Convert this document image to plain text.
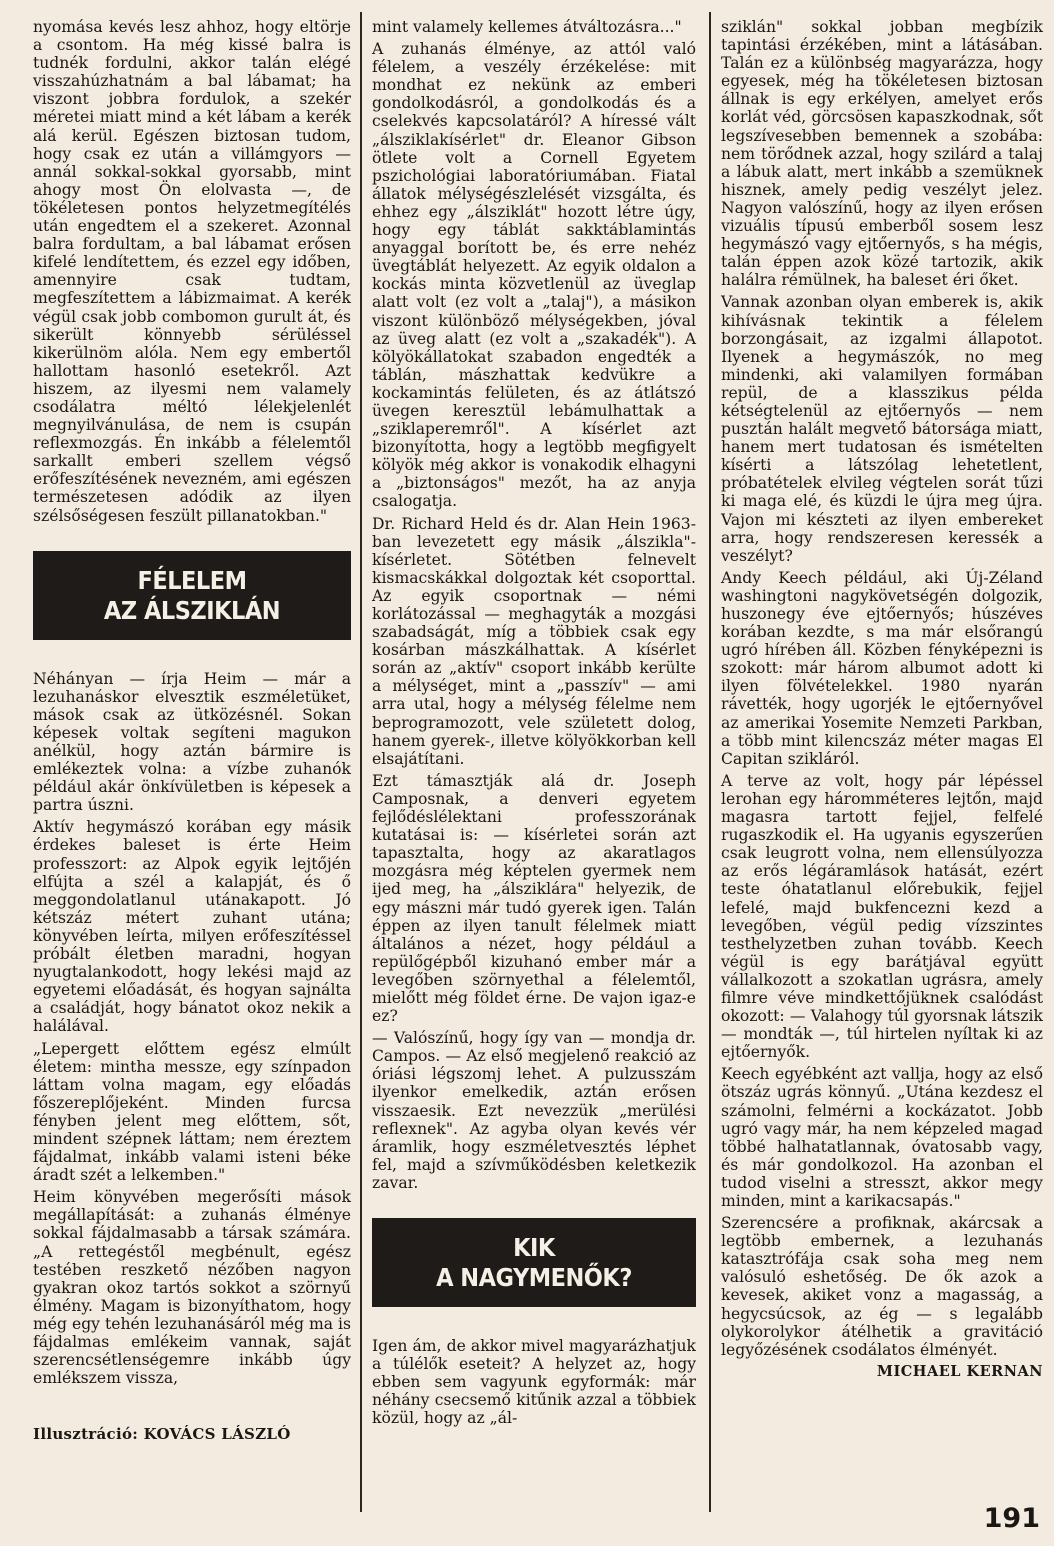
nyomása kevés lesz ahhoz, hogy eltörje a csontom. Ha még kissé balra is tudnék fordulni, akkor talán elégé visszahúzhatnám a bal lábamat; ha viszont jobbra fordulok, a szekér méretei miatt mind a két lábam a kerék alá kerül. Egészen biztosan tudom, hogy csak ez után a villámgyors — annál sokkal-sokkal gyorsabb, mint ahogy most Ön elolvasta —, de tökéletesen pontos helyzetmegítélés után engedtem el a szekeret. Azonnal balra fordultam, a bal lábamat erősen kifelé lendítettem, és ezzel egy időben, amennyire csak tudtam, megfeszítettem a lábizmaimat. A kerék végül csak jobb combomon gurult át, és sikerült könnyebb sérüléssel kikerülnöm alóla. Nem egy embertől hallottam hasonló esetekről. Azt hiszem, az ilyesmi nem valamely csodálatra méltó lélekjelenlét megnyilvánulása, de nem is csupán reflexmozgás. Én inkább a félelemtől sarkallt emberi szellem végső erőfeszítésének nevezném, ami egészen természetesen adódik az ilyen szélsőségesen feszült pillanatokban."

FÉLELEM
AZ ÁLSZIKLÁN

Néhányan — írja Heim — már a lezuhanáskor elvesztik eszméletüket, mások csak az ütközésnél. Sokan képesek voltak segíteni magukon anélkül, hogy aztán bármire is emlékeztek volna: a vízbe zuhanók például akár önkívületben is képesek a partra úszni.

Aktív hegymászó korában egy másik érdekes baleset is érte Heim professzort: az Alpok egyik lejtőjén elfújta a szél a kalapját, és ő meggondolatlanul utánakapott. Jó kétszáz métert zuhant utána; könyvében leírta, milyen erőfeszítéssel próbált életben maradni, hogyan nyugtalankodott, hogy lekési majd az egyetemi előadását, és hogyan sajnálta a családját, hogy bánatot okoz nekik a halálával.

„Lepergett előttem egész elmúlt életem: mintha messze, egy színpadon láttam volna magam, egy előadás főszereplőjeként. Minden furcsa fényben jelent meg előttem, sőt, mindent szépnek láttam; nem éreztem fájdalmat, inkább valami isteni béke áradt szét a lelkemben."

Heim könyvében megerősíti mások megállapítását: a zuhanás élménye sokkal fájdalmasabb a társak számára. „A rettegéstől megbénult, egész testében reszkető nézőben nagyon gyakran okoz tartós sokkot a szörnyű élmény. Magam is bizonyíthatom, hogy még egy tehén lezuhanásáról még ma is fájdalmas emlékeim vannak, saját szerencsétlenségemre inkább úgy emlékszem vissza,

Illusztráció: KOVÁCS LÁSZLÓ

mint valamely kellemes átváltozásra..."

A zuhanás élménye, az attól való félelem, a veszély érzékelése: mit mondhat ez nekünk az emberi gondolkodásról, a gondolkodás és a cselekvés kapcsolatáról? A híressé vált „álsziklakísérlet" dr. Eleanor Gibson ötlete volt a Cornell Egyetem pszichológiai laboratóriumában. Fiatal állatok mélységészlelését vizsgálta, és ehhez egy „álsziklát" hozott létre úgy, hogy egy táblát sakktáblamintás anyaggal borított be, és erre nehéz üvegtáblát helyezett. Az egyik oldalon a kockás minta közvetlenül az üveglap alatt volt (ez volt a „talaj"), a másikon viszont különböző mélységekben, jóval az üveg alatt (ez volt a „szakadék"). A kölyökállatokat szabadon engedték a táblán, mászhattak kedvükre a kockamintás felületen, és az átlátszó üvegen keresztül lebámulhattak a „sziklaperemről". A kísérlet azt bizonyította, hogy a legtöbb megfigyelt kölyök még akkor is vonakodik elhagyni a „biztonságos" mezőt, ha az anyja csalogatja.

Dr. Richard Held és dr. Alan Hein 1963-ban levezetett egy másik „álszikla"-kísérletet. Sötétben felnevelt kismacskákkal dolgoztak két csoporttal. Az egyik csoportnak — némi korlátozással — meghagyták a mozgási szabadságát, míg a többiek csak egy kosárban mászkálhattak. A kísérlet során az „aktív" csoport inkább kerülte a mélységet, mint a „passzív" — ami arra utal, hogy a mélység félelme nem beprogramozott, vele született dolog, hanem gyerek-, illetve kölyökkorban kell elsajátítani.

Ezt támasztják alá dr. Joseph Camposnak, a denveri egyetem fejlődéslélektani professzorának kutatásai is: — kísérletei során azt tapasztalta, hogy az akaratlagos mozgásra még képtelen gyermek nem ijed meg, ha „álsziklára" helyezik, de egy mászni már tudó gyerek igen. Talán éppen az ilyen tanult félelmek miatt általános a nézet, hogy például a repülőgépből kizuhanó ember már a levegőben szörnyethal a félelemtől, mielőtt még földet érne. De vajon igaz-e ez?

— Valószínű, hogy így van — mondja dr. Campos. — Az első megjelenő reakció az óriási légszomj lehet. A pulzusszám ilyenkor emelkedik, aztán erősen visszaesik. Ezt nevezzük „merülési reflexnek". Az agyba olyan kevés vér áramlik, hogy eszméletvesztés léphet fel, majd a szívműködésben keletkezik zavar.

KIK
A NAGYMENŐK?

Igen ám, de akkor mivel magyarázhatjuk a túlélők eseteit? A helyzet az, hogy ebben sem vagyunk egyformák: már néhány csecsemő kitűnik azzal a többiek közül, hogy az „ál-

sziklán" sokkal jobban megbízik tapintási érzékében, mint a látásában. Talán ez a különbség magyarázza, hogy egyesek, még ha tökéletesen biztosan állnak is egy erkélyen, amelyet erős korlát véd, görcsösen kapaszkodnak, sőt legszívesebben bemennek a szobába: nem törődnek azzal, hogy szilárd a talaj a lábuk alatt, mert inkább a szemüknek hisznek, amely pedig veszélyt jelez. Nagyon valószínű, hogy az ilyen erősen vizuális típusú emberből sosem lesz hegymászó vagy ejtőernyős, s ha mégis, talán éppen azok közé tartozik, akik halálra rémülnek, ha baleset éri őket.

Vannak azonban olyan emberek is, akik kihívásnak tekintik a félelem borzongásait, az izgalmi állapotot. Ilyenek a hegymászók, no meg mindenki, aki valamilyen formában repül, de a klasszikus példa kétségtelenül az ejtőernyős — nem pusztán halált megvető bátorsága miatt, hanem mert tudatosan és ismételten kísérti a látszólag lehetetlent, próbatételek elvileg végtelen sorát tűzi ki maga elé, és küzdi le újra meg újra. Vajon mi készteti az ilyen embereket arra, hogy rendszeresen keressék a veszélyt?

Andy Keech például, aki Új-Zéland washingtoni nagykövetségén dolgozik, huszonegy éve ejtőernyős; húszéves korában kezdte, s ma már elsőrangú ugró hírében áll. Közben fényképezni is szokott: már három albumot adott ki ilyen fölvételekkel. 1980 nyarán rávették, hogy ugorjék le ejtőernyővel az amerikai Yosemite Nemzeti Parkban, a több mint kilencszáz méter magas El Capitan szikláról.

A terve az volt, hogy pár lépéssel lerohan egy háromméteres lejtőn, majd magasra tartott fejjel, felfelé rugaszkodik el. Ha ugyanis egyszerűen csak leugrott volna, nem ellensúlyozza az erős légáramlások hatását, ezért teste óhatatlanul előrebukik, fejjel lefelé, majd bukfencezni kezd a levegőben, végül pedig vízszintes testhelyzetben zuhan tovább. Keech végül is egy barátjával együtt vállalkozott a szokatlan ugrásra, amely filmre véve mindkettőjüknek csalódást okozott: — Valahogy túl gyorsnak látszik — mondták —, túl hirtelen nyíltak ki az ejtőernyők.

Keech egyébként azt vallja, hogy az első ötszáz ugrás könnyű. „Utána kezdesz el számolni, felmérni a kockázatot. Jobb ugró vagy már, ha nem képzeled magad többé halhatatlannak, óvatosabb vagy, és már gondolkozol. Ha azonban el tudod viselni a stresszt, akkor megy minden, mint a karikacsapás."

Szerencsére a profiknak, akárcsak a legtöbb embernek, a lezuhanás katasztrófája csak soha meg nem valósuló eshetőség. De ők azok a kevesek, akiket vonz a magasság, a hegycsúcsok, az ég — s legalább olykorolykor átélhetik a gravitáció legyőzésének csodálatos élményét.

MICHAEL KERNAN
191
